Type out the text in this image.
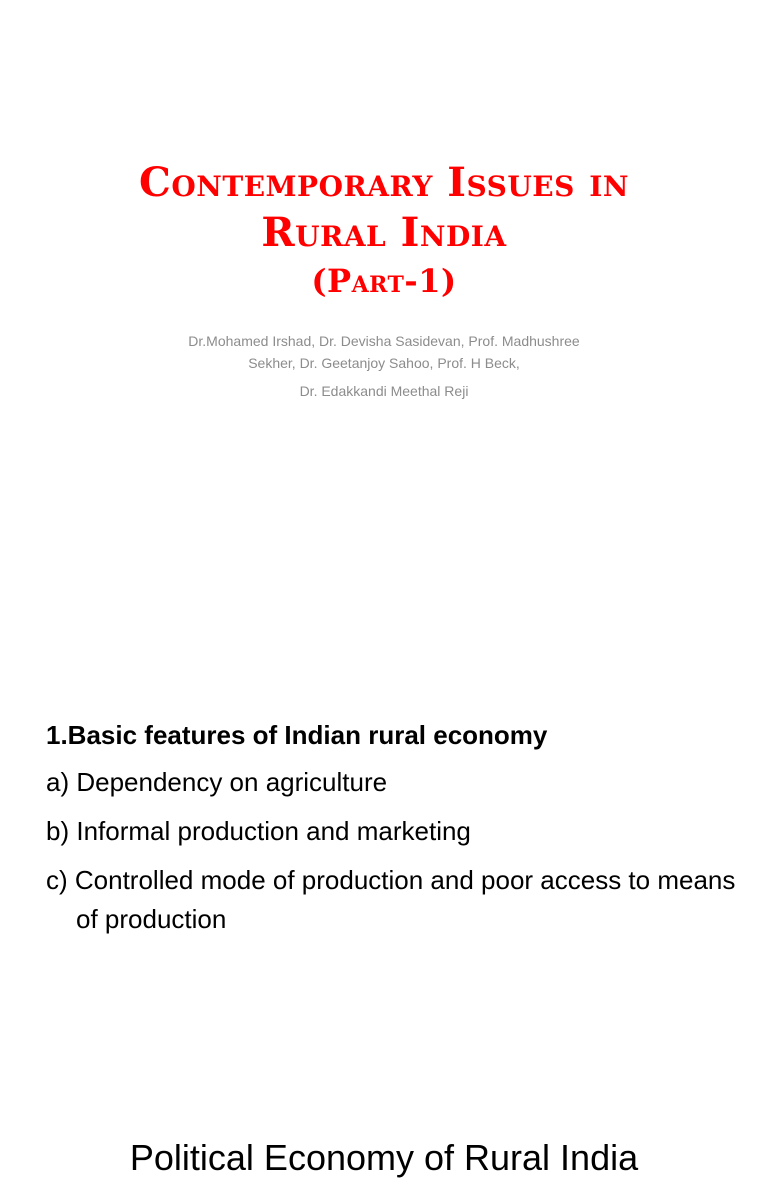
Contemporary Issues in
Rural India
(Part-1)
Dr.Mohamed Irshad, Dr. Devisha Sasidevan, Prof. Madhushree
Sekher, Dr. Geetanjoy Sahoo, Prof. H Beck,
Dr. Edakkandi Meethal Reji
Political Economy of Rural India
1.Basic features of Indian rural economy
a) Dependency on agriculture
b) Informal production and marketing
c) Controlled mode of production and poor access to means of production
